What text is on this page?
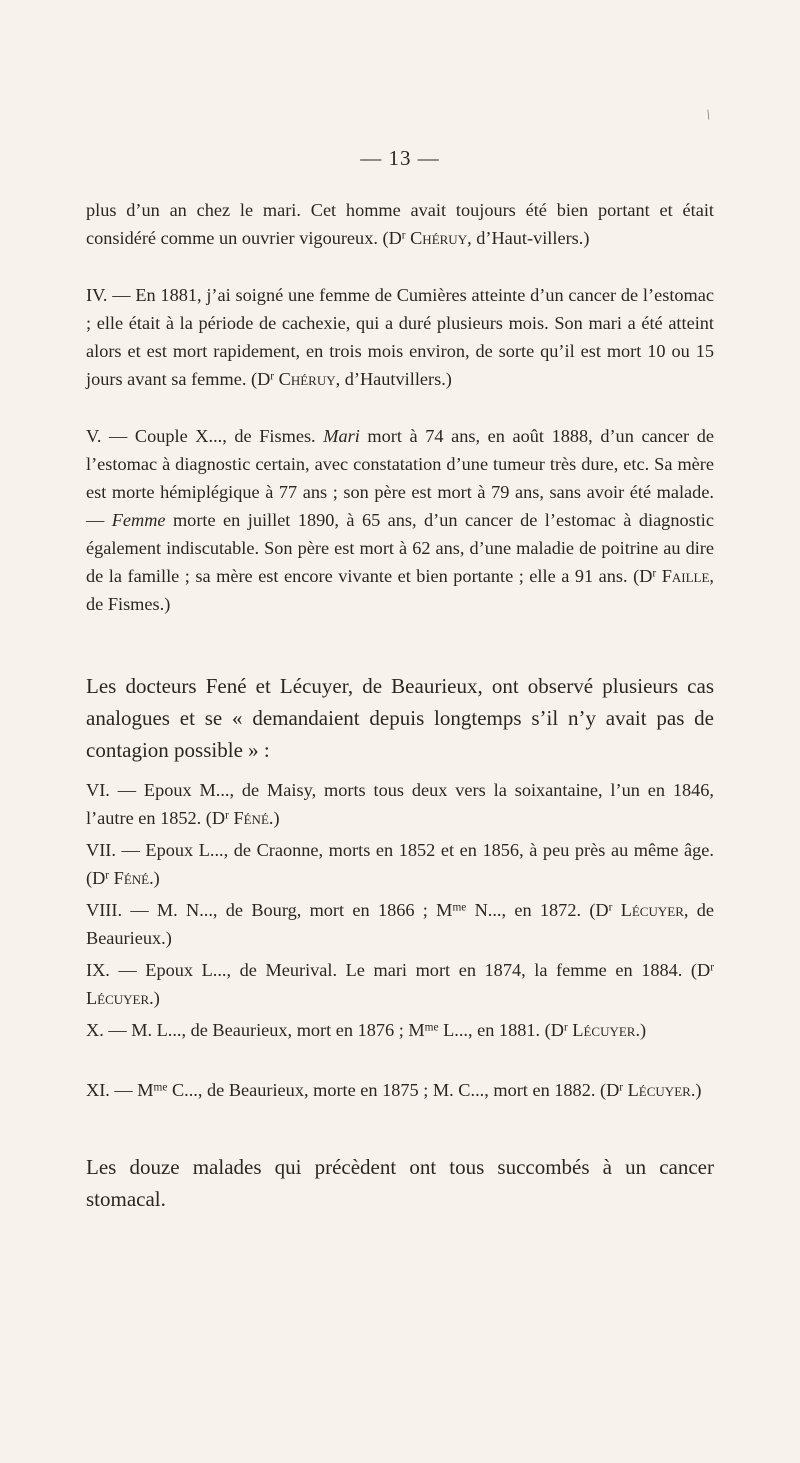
/
— 13 —

plus d’un an chez le mari. Cet homme avait toujours été bien portant et était considéré comme un ouvrier vigoureux. ($D^r$ Chéruy, d’Haut-villers.)

IV. — En 1881, j’ai soigné une femme de Cumières atteinte d’un cancer de l’estomac ; elle était à la période de cachexie, qui a duré plusieurs mois. Son mari a été atteint alors et est mort rapidement, en trois mois environ, de sorte qu’il est mort 10 ou 15 jours avant sa femme. ($D^r$ Chéruy, d’Hautvillers.)

V. — Couple X..., de Fismes. Mari mort à 74 ans, en août 1888, d’un cancer de l’estomac à diagnostic certain, avec constatation d’une tumeur très dure, etc. Sa mère est morte hémiplégique à 77 ans ; son père est mort à 79 ans, sans avoir été malade. — Femme morte en juillet 1890, à 65 ans, d’un cancer de l’estomac à diagnostic également indiscutable. Son père est mort à 62 ans, d’une maladie de poitrine au dire de la famille ; sa mère est encore vivante et bien portante ; elle a 91 ans. ($D^r$ Faille, de Fismes.)

Les docteurs Fené et Lécuyer, de Beaurieux, ont observé plusieurs cas analogues et se « demandaient depuis longtemps s’il n’y avait pas de contagion possible » :

VI. — Epoux M..., de Maisy, morts tous deux vers la soixantaine, l’un en 1846, l’autre en 1852. ($D^r$ Féné.)

VII. — Epoux L..., de Craonne, morts en 1852 et en 1856, à peu près au même âge. ($D^r$ Féné.)

VIII. — M. N..., de Bourg, mort en 1866 ; $M^{me}$ N..., en 1872. ($D^r$ Lécuyer, de Beaurieux.)

IX. — Epoux L..., de Meurival. Le mari mort en 1874, la femme en 1884. ($D^r$ Lécuyer.)

X. — M. L..., de Beaurieux, mort en 1876 ; $M^{me}$ L..., en 1881. ($D^r$ Lécuyer.)

XI. — $M^{me}$ C..., de Beaurieux, morte en 1875 ; M. C..., mort en 1882. ($D^r$ Lécuyer.)

Les douze malades qui précèdent ont tous succombés à un cancer stomacal.
